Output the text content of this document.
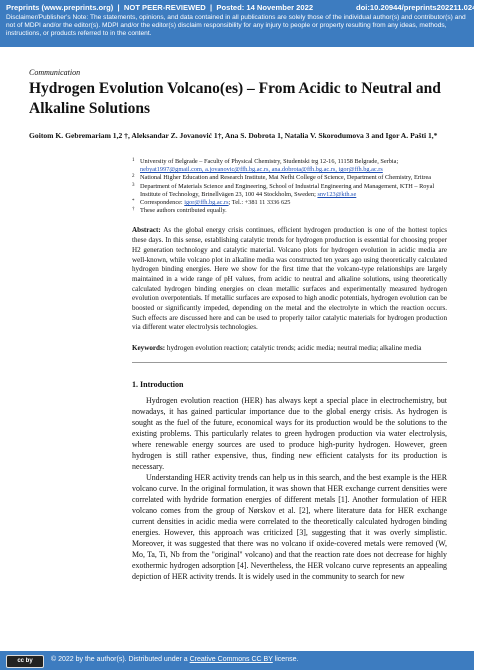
Preprints (www.preprints.org)  |  NOT PEER-REVIEWED  |  Posted: 14 November 2022	doi:10.20944/preprints202211.0246.v1
Disclaimer/Publisher's Note: The statements, opinions, and data contained in all publications are solely those of the individual author(s) and contributor(s) and not of MDPI and/or the editor(s). MDPI and/or the editor(s) disclaim responsibility for any injury to people or property resulting from any ideas, methods, instructions, or products referred to in the content.
Communication
Hydrogen Evolution Volcano(es) – From Acidic to Neutral and Alkaline Solutions
Goitom K. Gebremariam 1,2 †, Aleksandar Z. Jovanović 1†, Ana S. Dobrota 1, Natalia V. Skorodumova 3 and Igor A. Pašti 1,*
1 University of Belgrade – Faculty of Physical Chemistry, Studentski trg 12-16, 11158 Belgrade, Serbia; nebyat1997@gmail.com, a.jovanovic@ffh.bg.ac.rs, ana.dobrota@ffh.bg.ac.rs, igor@ffh.bg.ac.rs
2 National Higher Education and Research Institute, Mai Nefhi College of Science, Department of Chemistry, Eritrea
3 Department of Materials Science and Engineering, School of Industrial Engineering and Management, KTH – Royal Institute of Technology, Brinellvägen 23, 100 44 Stockholm, Sweden; snv123@kth.se
* Correspondence: igor@ffh.bg.ac.rs; Tel.: +381 11 3336 625
† These authors contributed equally.
Abstract: As the global energy crisis continues, efficient hydrogen production is one of the hottest topics these days. In this sense, establishing catalytic trends for hydrogen production is essential for choosing proper H2 generation technology and catalytic material. Volcano plots for hydrogen evolution in acidic media are well-known, while volcano plot in alkaline media was constructed ten years ago using theoretically calculated hydrogen binding energies. Here we show for the first time that the volcano-type relationships are largely maintained in a wide range of pH values, from acidic to neutral and alkaline solutions, using theoretically calculated hydrogen binding energies on clean metallic surfaces and experimentally measured hydrogen evolution overpotentials. If metallic surfaces are exposed to high anodic potentials, hydrogen evolution can be boosted or significantly impeded, depending on the metal and the electrolyte in which the reaction occurs. Such effects are discussed here and can be used to properly tailor catalytic materials for hydrogen production via different water electrolysis technologies.
Keywords: hydrogen evolution reaction; catalytic trends; acidic media; neutral media; alkaline media
1. Introduction

Hydrogen evolution reaction (HER) has always kept a special place in electrochemistry, but nowadays, it has gained particular importance due to the global energy crisis. As hydrogen is sought as the fuel of the future, economical ways for its production would be the solutions to the existing problems. This particularly relates to green hydrogen production via water electrolysis, where renewable energy sources are used to produce high-purity hydrogen. However, green hydrogen is still rather expensive, thus, finding new efficient catalysts for its production is necessary.

Understanding HER activity trends can help us in this search, and the best example is the HER volcano curve. In the original formulation, it was shown that HER exchange current densities were correlated with hydride formation energies of different metals [1]. Another formulation of HER volcano comes from the group of Nørskov et al. [2], where literature data for HER exchange current densities in acidic media were correlated to the theoretically calculated hydrogen binding energies. However, this approach was criticized [3], suggesting that it was overly simplistic. Moreover, it was suggested that there was no volcano if oxide-covered metals were removed (W, Mo, Ta, Ti, Nb from the "original" volcano) and that the reaction rate does not decrease for highly exothermic hydrogen adsorption [4]. Nevertheless, the HER volcano curve represents an appealing depiction of HER activity trends. It is widely used in the community to search for new

cc by	© 2022 by the author(s). Distributed under a Creative Commons CC BY license.
